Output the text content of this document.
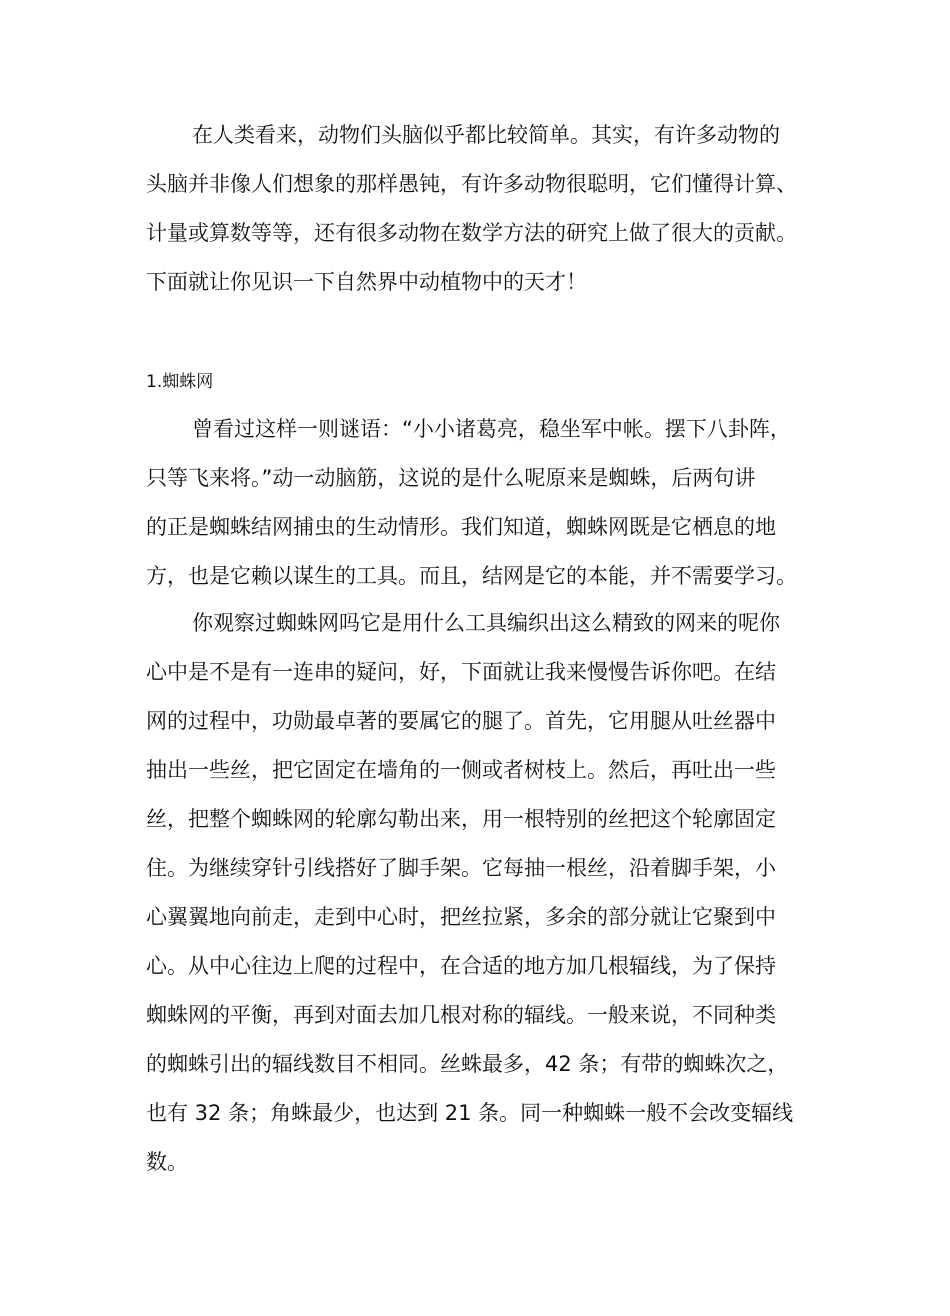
在人类看来，动物们头脑似乎都比较简单。其实，有许多动物的
头脑并非像人们想象的那样愚钝，有许多动物很聪明，它们懂得计算、
计量或算数等等，还有很多动物在数学方法的研究上做了很大的贡献。
下面就让你见识一下自然界中动植物中的天才！
1.蜘蛛网
曾看过这样一则谜语：“小小诸葛亮，稳坐军中帐。摆下八卦阵，
只等飞来将。”动一动脑筋，这说的是什么呢原来是蜘蛛，后两句讲
的正是蜘蛛结网捕虫的生动情形。我们知道，蜘蛛网既是它栖息的地
方，也是它赖以谋生的工具。而且，结网是它的本能，并不需要学习。
你观察过蜘蛛网吗它是用什么工具编织出这么精致的网来的呢你
心中是不是有一连串的疑问，好，下面就让我来慢慢告诉你吧。在结
网的过程中，功勋最卓著的要属它的腿了。首先，它用腿从吐丝器中
抽出一些丝，把它固定在墙角的一侧或者树枝上。然后，再吐出一些
丝，把整个蜘蛛网的轮廓勾勒出来，用一根特别的丝把这个轮廓固定
住。为继续穿针引线搭好了脚手架。它每抽一根丝，沿着脚手架，小
心翼翼地向前走，走到中心时，把丝拉紧，多余的部分就让它聚到中
心。从中心往边上爬的过程中，在合适的地方加几根辐线，为了保持
蜘蛛网的平衡，再到对面去加几根对称的辐线。一般来说，不同种类
的蜘蛛引出的辐线数目不相同。丝蛛最多，42 条；有带的蜘蛛次之，
也有 32 条；角蛛最少，也达到 21 条。同一种蜘蛛一般不会改变辐线
数。
